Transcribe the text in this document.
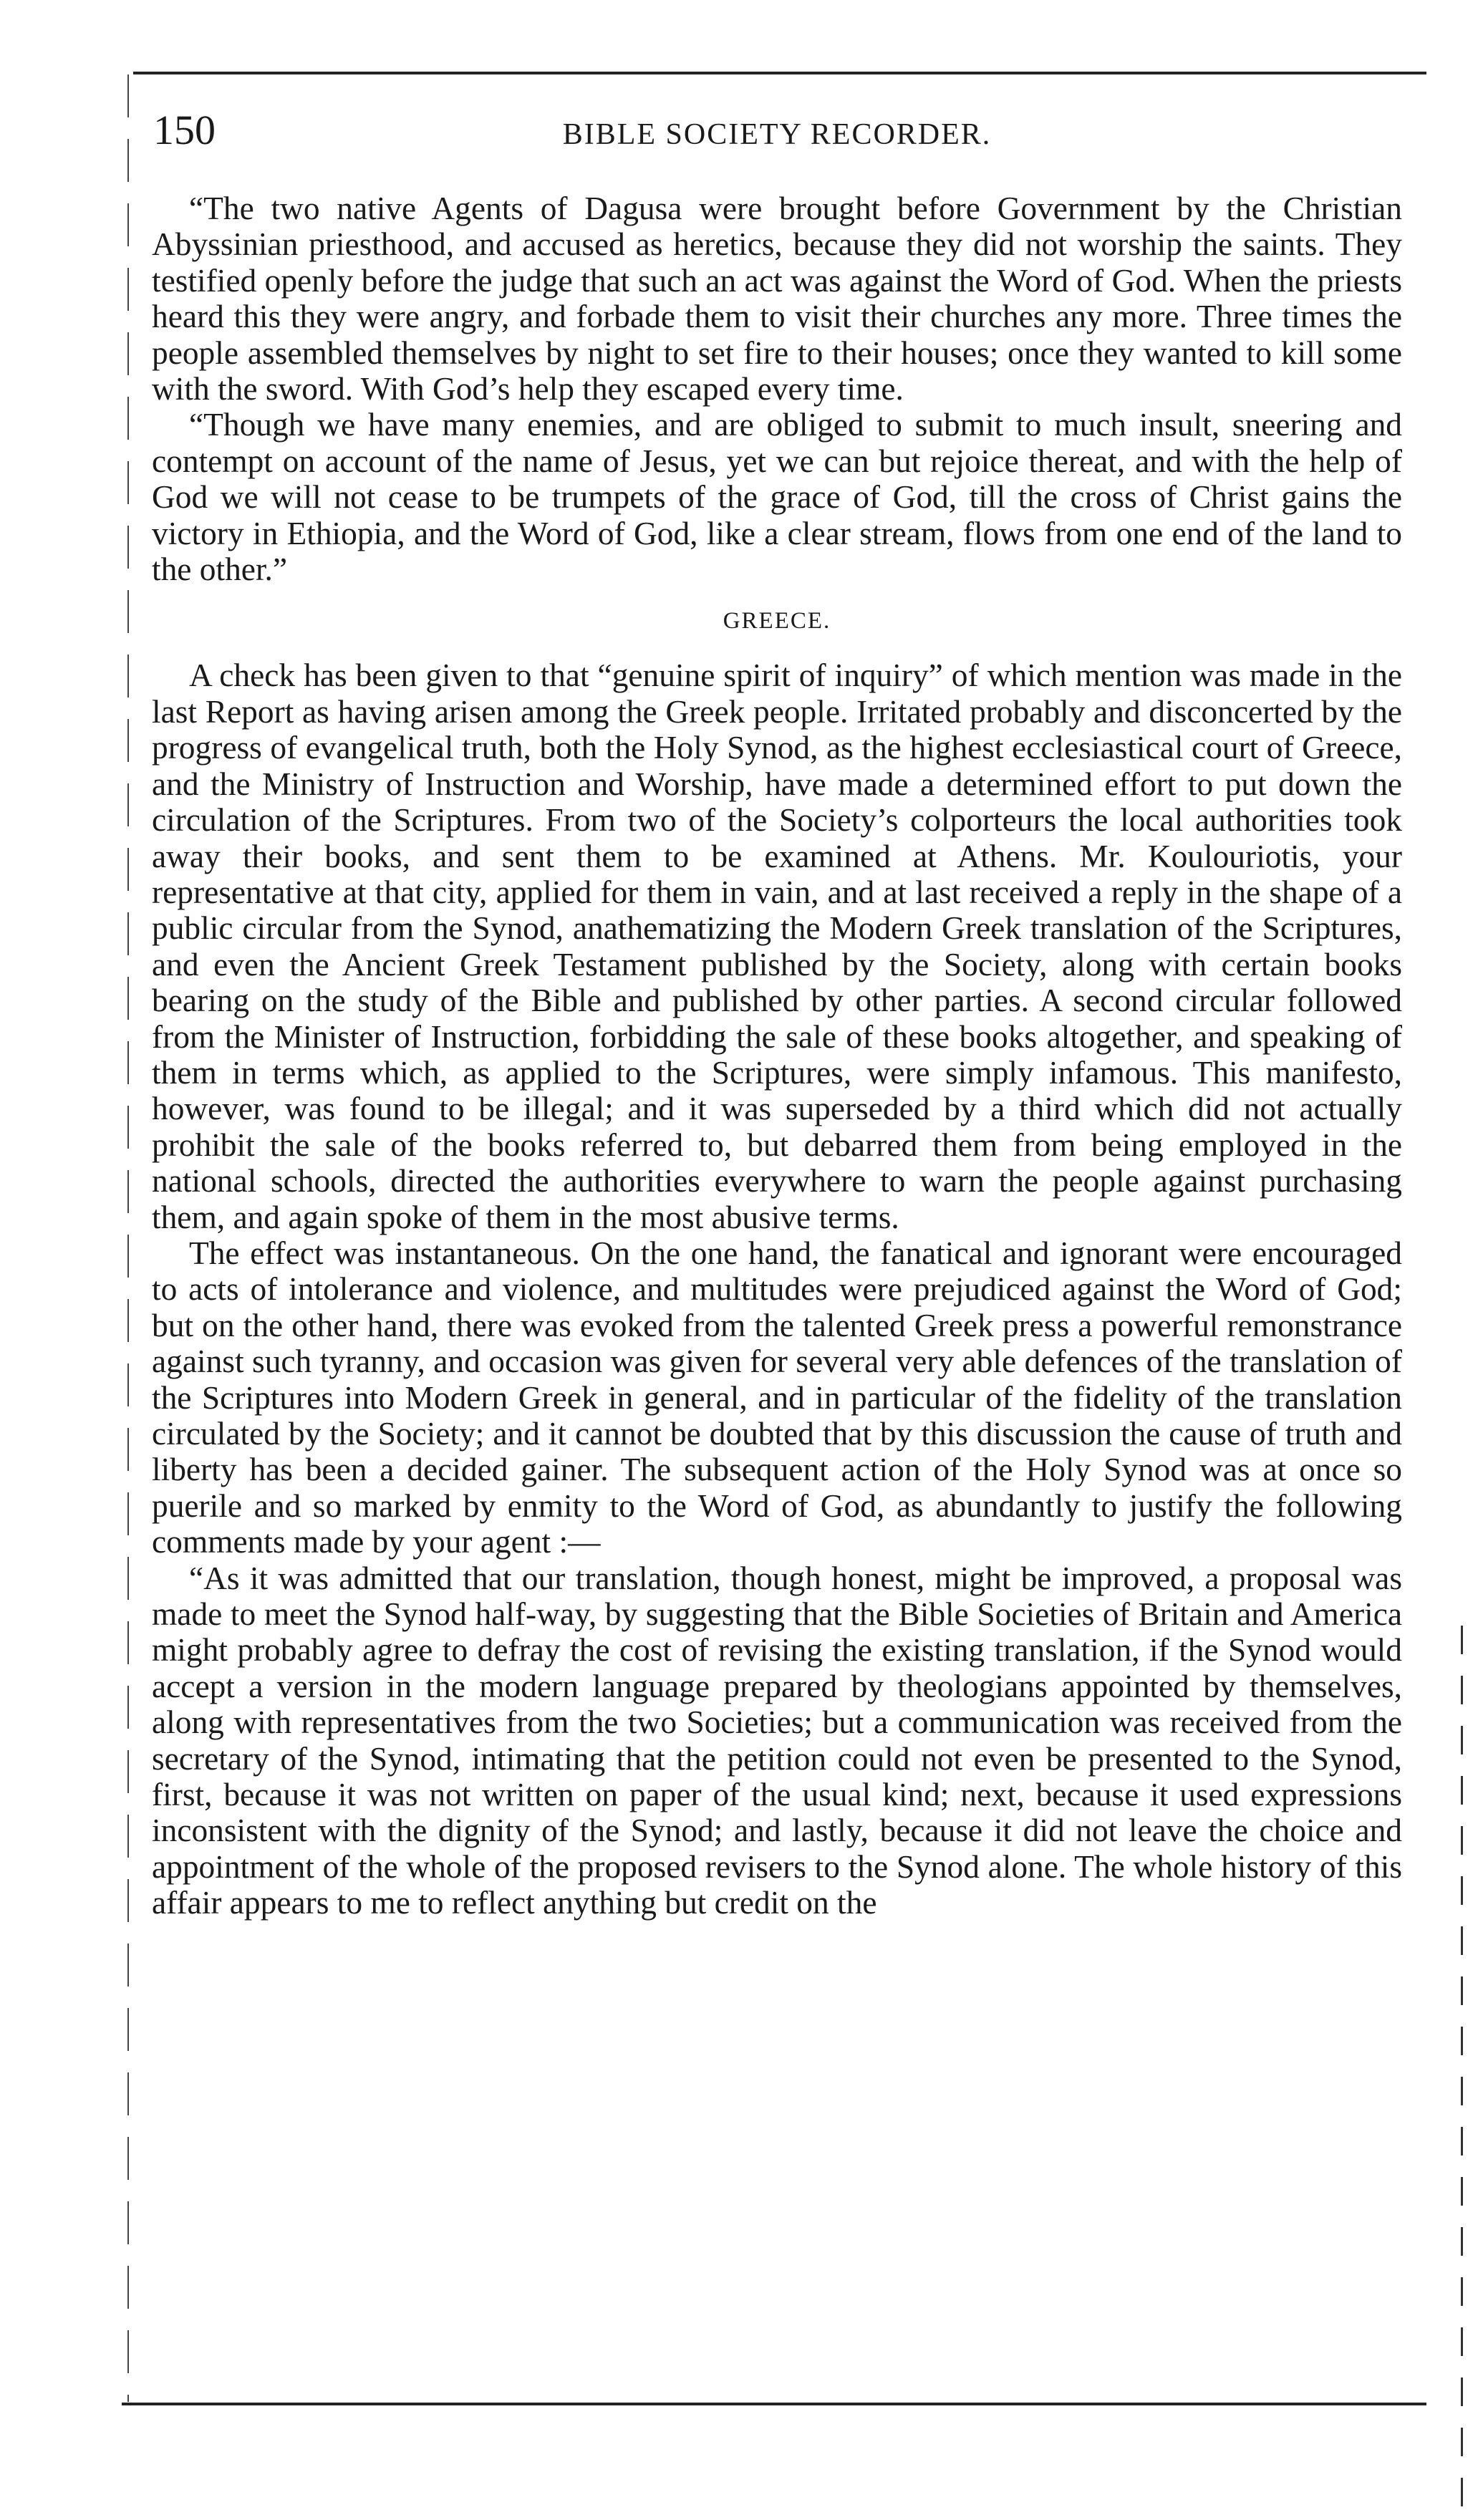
150	BIBLE SOCIETY RECORDER.

“The two native Agents of Dagusa were brought before Government by the Christian Abyssinian priesthood, and accused as heretics, because they did not worship the saints. They testified openly before the judge that such an act was against the Word of God. When the priests heard this they were angry, and forbade them to visit their churches any more. Three times the people assembled themselves by night to set fire to their houses; once they wanted to kill some with the sword. With God’s help they escaped every time.

“Though we have many enemies, and are obliged to submit to much insult, sneering and contempt on account of the name of Jesus, yet we can but rejoice thereat, and with the help of God we will not cease to be trumpets of the grace of God, till the cross of Christ gains the victory in Ethiopia, and the Word of God, like a clear stream, flows from one end of the land to the other.”

GREECE.

A check has been given to that “genuine spirit of inquiry” of which mention was made in the last Report as having arisen among the Greek people. Irritated probably and disconcerted by the progress of evangelical truth, both the Holy Synod, as the highest ecclesiastical court of Greece, and the Ministry of Instruction and Worship, have made a determined effort to put down the circulation of the Scriptures. From two of the Society’s colporteurs the local authorities took away their books, and sent them to be examined at Athens. Mr. Koulouriotis, your representative at that city, applied for them in vain, and at last received a reply in the shape of a public circular from the Synod, anathematizing the Modern Greek translation of the Scriptures, and even the Ancient Greek Testament published by the Society, along with certain books bearing on the study of the Bible and published by other parties. A second circular followed from the Minister of Instruction, forbidding the sale of these books altogether, and speaking of them in terms which, as applied to the Scriptures, were simply infamous. This manifesto, however, was found to be illegal; and it was superseded by a third which did not actually prohibit the sale of the books referred to, but debarred them from being employed in the national schools, directed the authorities everywhere to warn the people against purchasing them, and again spoke of them in the most abusive terms.

The effect was instantaneous. On the one hand, the fanatical and ignorant were encouraged to acts of intolerance and violence, and multitudes were prejudiced against the Word of God; but on the other hand, there was evoked from the talented Greek press a powerful remonstrance against such tyranny, and occasion was given for several very able defences of the translation of the Scriptures into Modern Greek in general, and in particular of the fidelity of the translation circulated by the Society; and it cannot be doubted that by this discussion the cause of truth and liberty has been a decided gainer. The subsequent action of the Holy Synod was at once so puerile and so marked by enmity to the Word of God, as abundantly to justify the following comments made by your agent :—

“As it was admitted that our translation, though honest, might be improved, a proposal was made to meet the Synod half-way, by suggesting that the Bible Societies of Britain and America might probably agree to defray the cost of revising the existing translation, if the Synod would accept a version in the modern language prepared by theologians appointed by themselves, along with representatives from the two Societies; but a communication was received from the secretary of the Synod, intimating that the petition could not even be presented to the Synod, first, because it was not written on paper of the usual kind; next, because it used expressions inconsistent with the dignity of the Synod; and lastly, because it did not leave the choice and appointment of the whole of the proposed revisers to the Synod alone. The whole history of this affair appears to me to reflect anything but credit on the
